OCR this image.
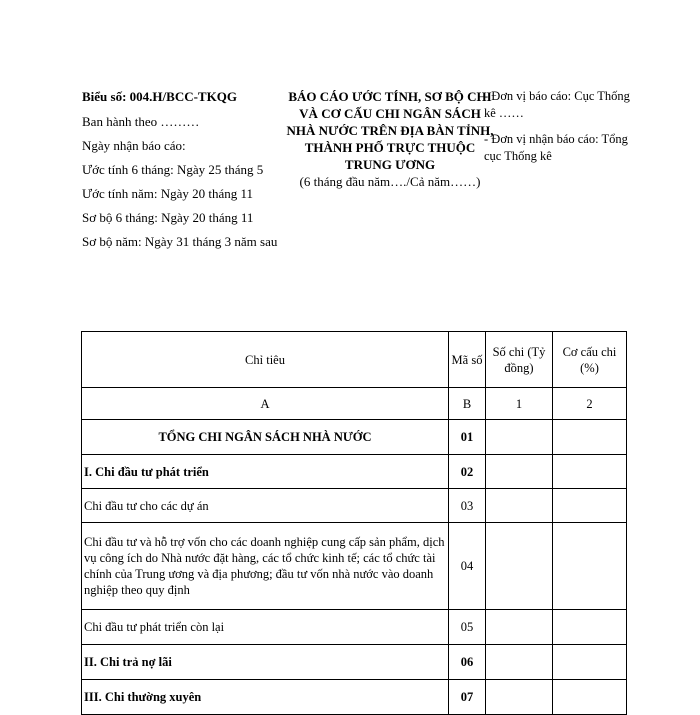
Biểu số: 004.H/BCC-TKQG

Ban hành theo ………

Ngày nhận báo cáo:

Ước tính 6 tháng: Ngày 25 tháng 5

Ước tính năm: Ngày 20 tháng 11

Sơ bộ 6 tháng: Ngày 20 tháng 11

Sơ bộ năm: Ngày 31 tháng 3 năm sau

BÁO CÁO ƯỚC TÍNH, SƠ BỘ CHI VÀ CƠ CẤU CHI NGÂN SÁCH NHÀ NƯỚC TRÊN ĐỊA BÀN TỈNH, THÀNH PHỐ TRỰC THUỘC TRUNG ƯƠNG
(6 tháng đầu năm…./Cả năm……)

- Đơn vị báo cáo: Cục Thống kê ……

- Đơn vị nhận báo cáo: Tổng cục Thống kê

Chỉ tiêu	Mã số	Số chi (Tỷ đồng)	Cơ cấu chi (%)
A	B	1	2
TỔNG CHI NGÂN SÁCH NHÀ NƯỚC	01		
I. Chi đầu tư phát triển	02		
Chi đầu tư cho các dự án	03		
Chi đầu tư và hỗ trợ vốn cho các doanh nghiệp cung cấp sản phẩm, dịch vụ công ích do Nhà nước đặt hàng, các tổ chức kinh tế; các tổ chức tài chính của Trung ương và địa phương; đầu tư vốn nhà nước vào doanh nghiệp theo quy định	04		
Chi đầu tư phát triển còn lại	05		
II. Chi trả nợ lãi	06		
III. Chi thường xuyên	07		
